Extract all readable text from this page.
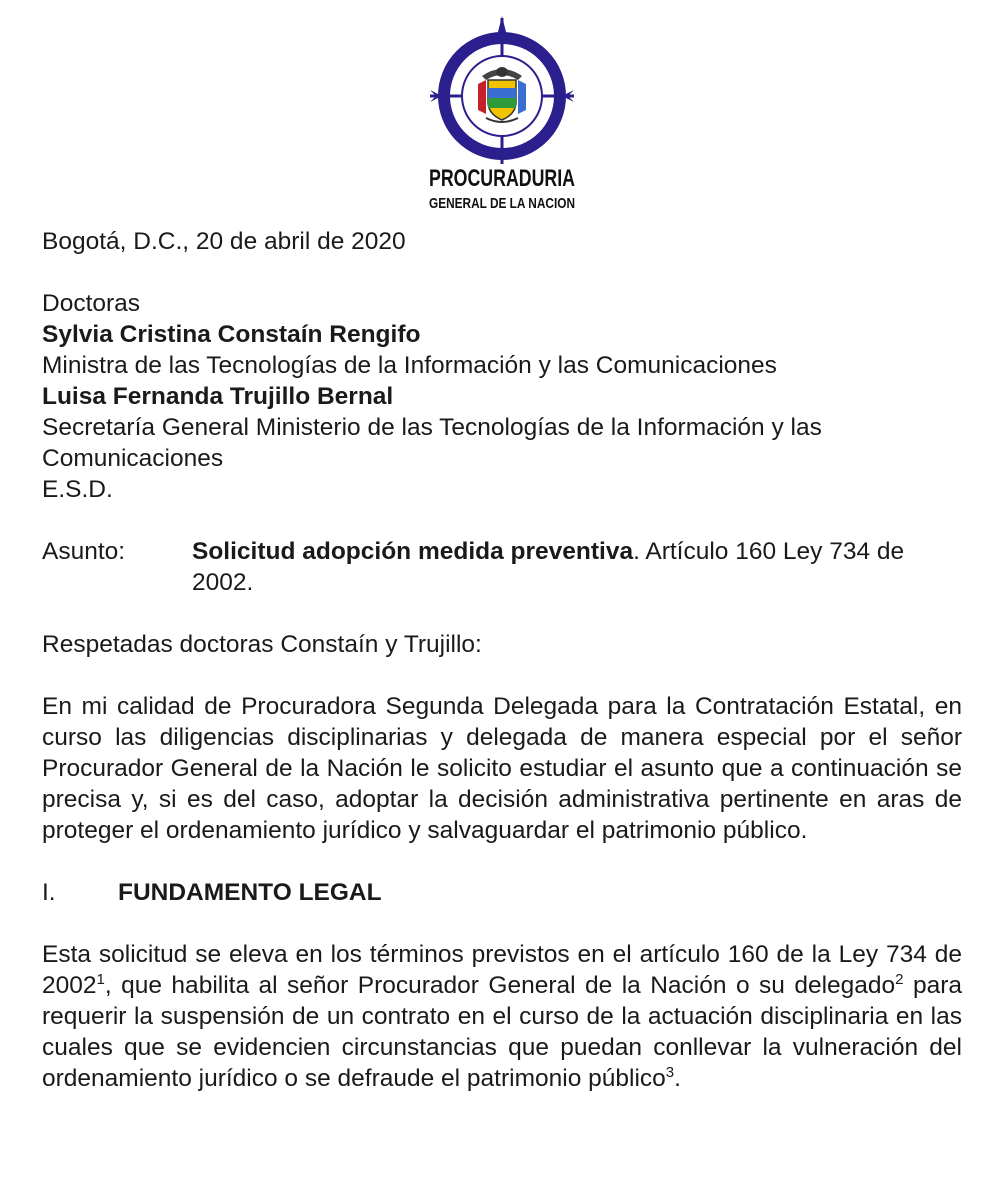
PROCURADURIA
GENERAL DE LA NACION

Bogotá, D.C., 20 de abril de 2020

Doctoras

Sylvia Cristina Constaín Rengifo

Ministra de las Tecnologías de la Información y las Comunicaciones

Luisa Fernanda Trujillo Bernal

Secretaría General Ministerio de las Tecnologías de la Información y las

Comunicaciones

E.S.D.

Asunto:	Solicitud adopción medida preventiva. Artículo 160 Ley 734 de 2002.

Respetadas doctoras Constaín y Trujillo:

En mi calidad de Procuradora Segunda Delegada para la Contratación Estatal, en curso las diligencias disciplinarias y delegada de manera especial por el señor Procurador General de la Nación le solicito estudiar el asunto que a continuación se precisa y, si es del caso, adoptar la decisión administrativa pertinente en aras de proteger el ordenamiento jurídico y salvaguardar el patrimonio público.

I.	FUNDAMENTO LEGAL

Esta solicitud se eleva en los términos previstos en el artículo 160 de la Ley 734 de 2002$^1$, que habilita al señor Procurador General de la Nación o su delegado$^2$ para requerir la suspensión de un contrato en el curso de la actuación disciplinaria en las cuales que se evidencien circunstancias que puedan conllevar la vulneración del ordenamiento jurídico o se defraude el patrimonio público$^3$.
